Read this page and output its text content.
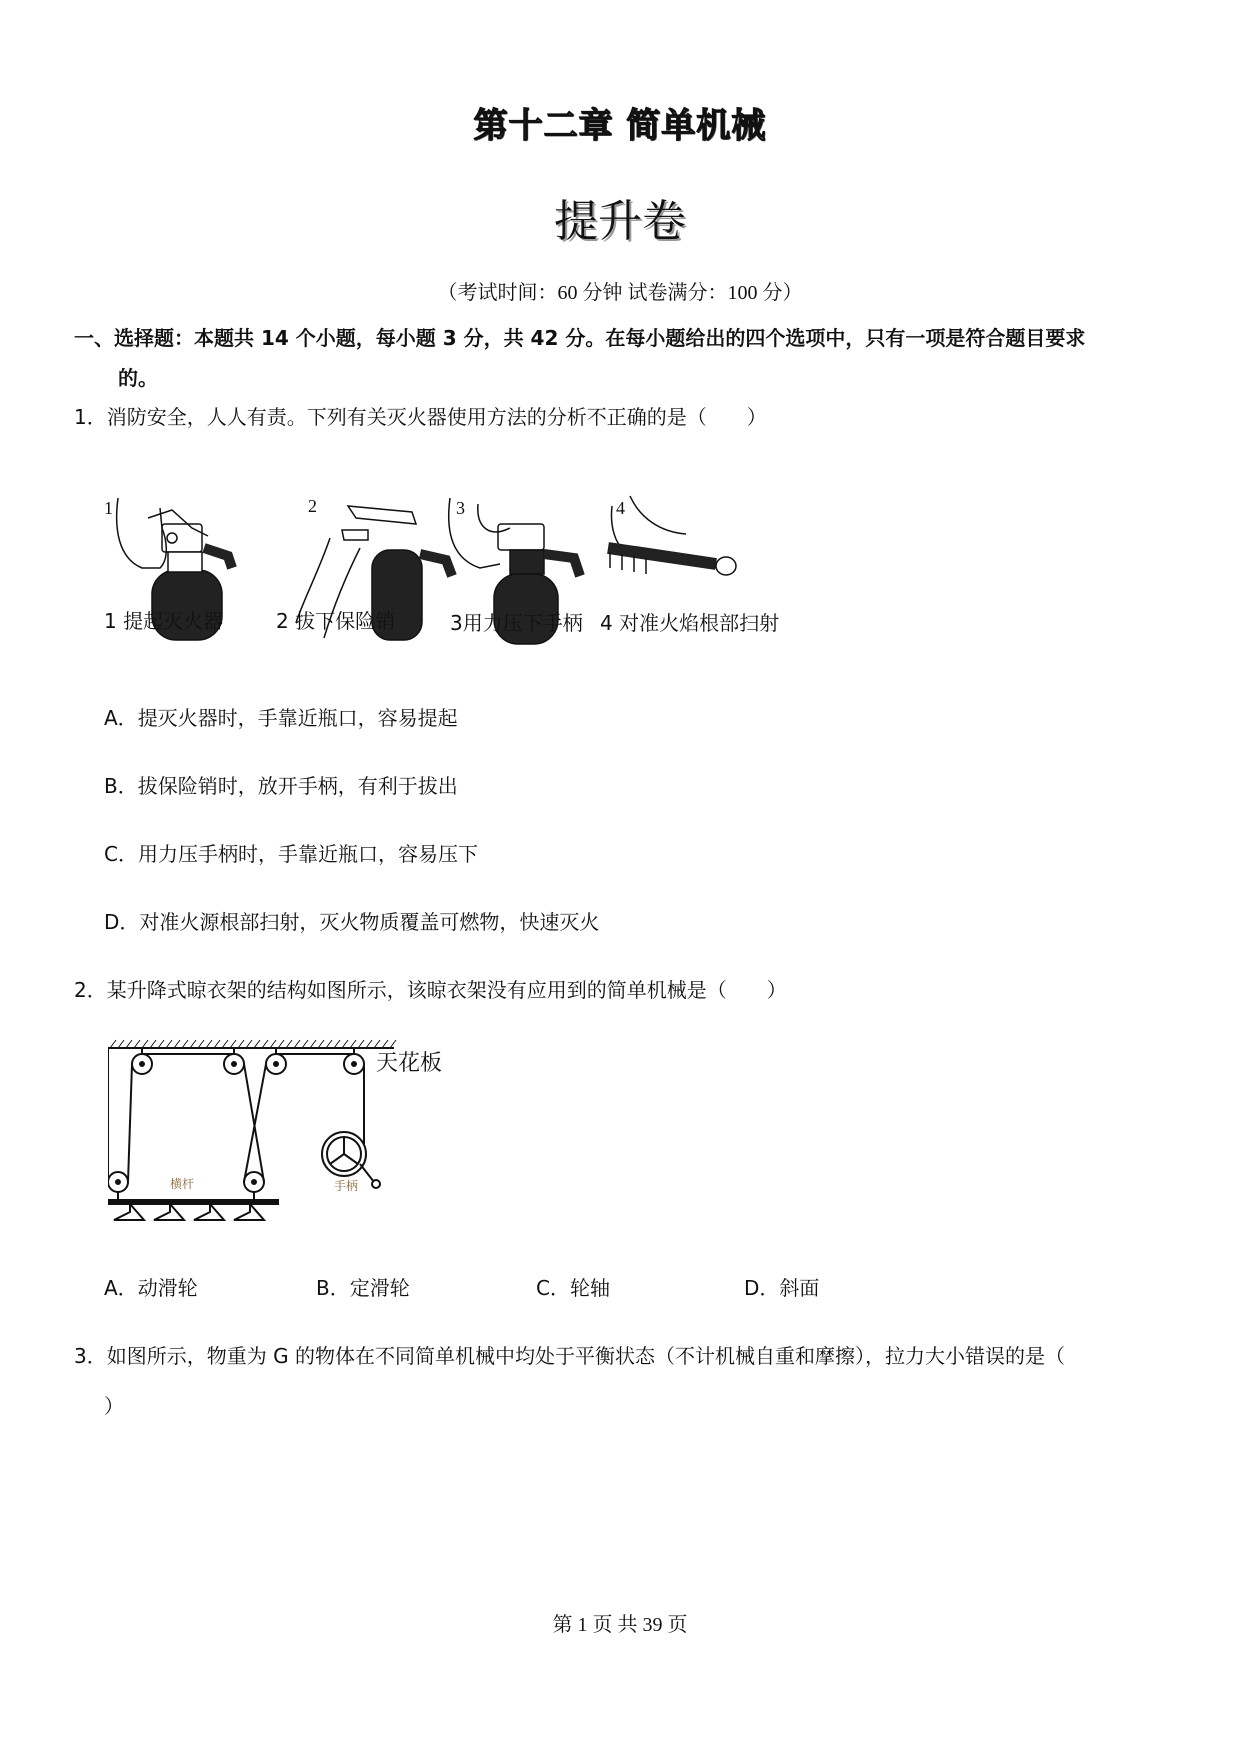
第十二章 简单机械
提升卷
（考试时间：60 分钟 试卷满分：100 分）
一、选择题：本题共 14 个小题，每小题 3 分，共 42 分。在每小题给出的四个选项中，只有一项是符合题目要求
的。
1．消防安全，人人有责。下列有关灭火器使用方法的分析不正确的是（　　）
1	2	3	4
1 提起灭火器	2 拔下保险销	3用力压下手柄 4 对准火焰根部扫射
A．提灭火器时，手靠近瓶口，容易提起
B．拔保险销时，放开手柄，有利于拔出
C．用力压手柄时，手靠近瓶口，容易压下
D．对准火源根部扫射，灭火物质覆盖可燃物，快速灭火
2．某升降式晾衣架的结构如图所示，该晾衣架没有应用到的简单机械是（　　）
天花板
横杆	手柄
A．动滑轮	B．定滑轮	C．轮轴	D．斜面
3．如图所示，物重为 G 的物体在不同简单机械中均处于平衡状态（不计机械自重和摩擦），拉力大小错误的是（
）
第 1 页 共 39 页
